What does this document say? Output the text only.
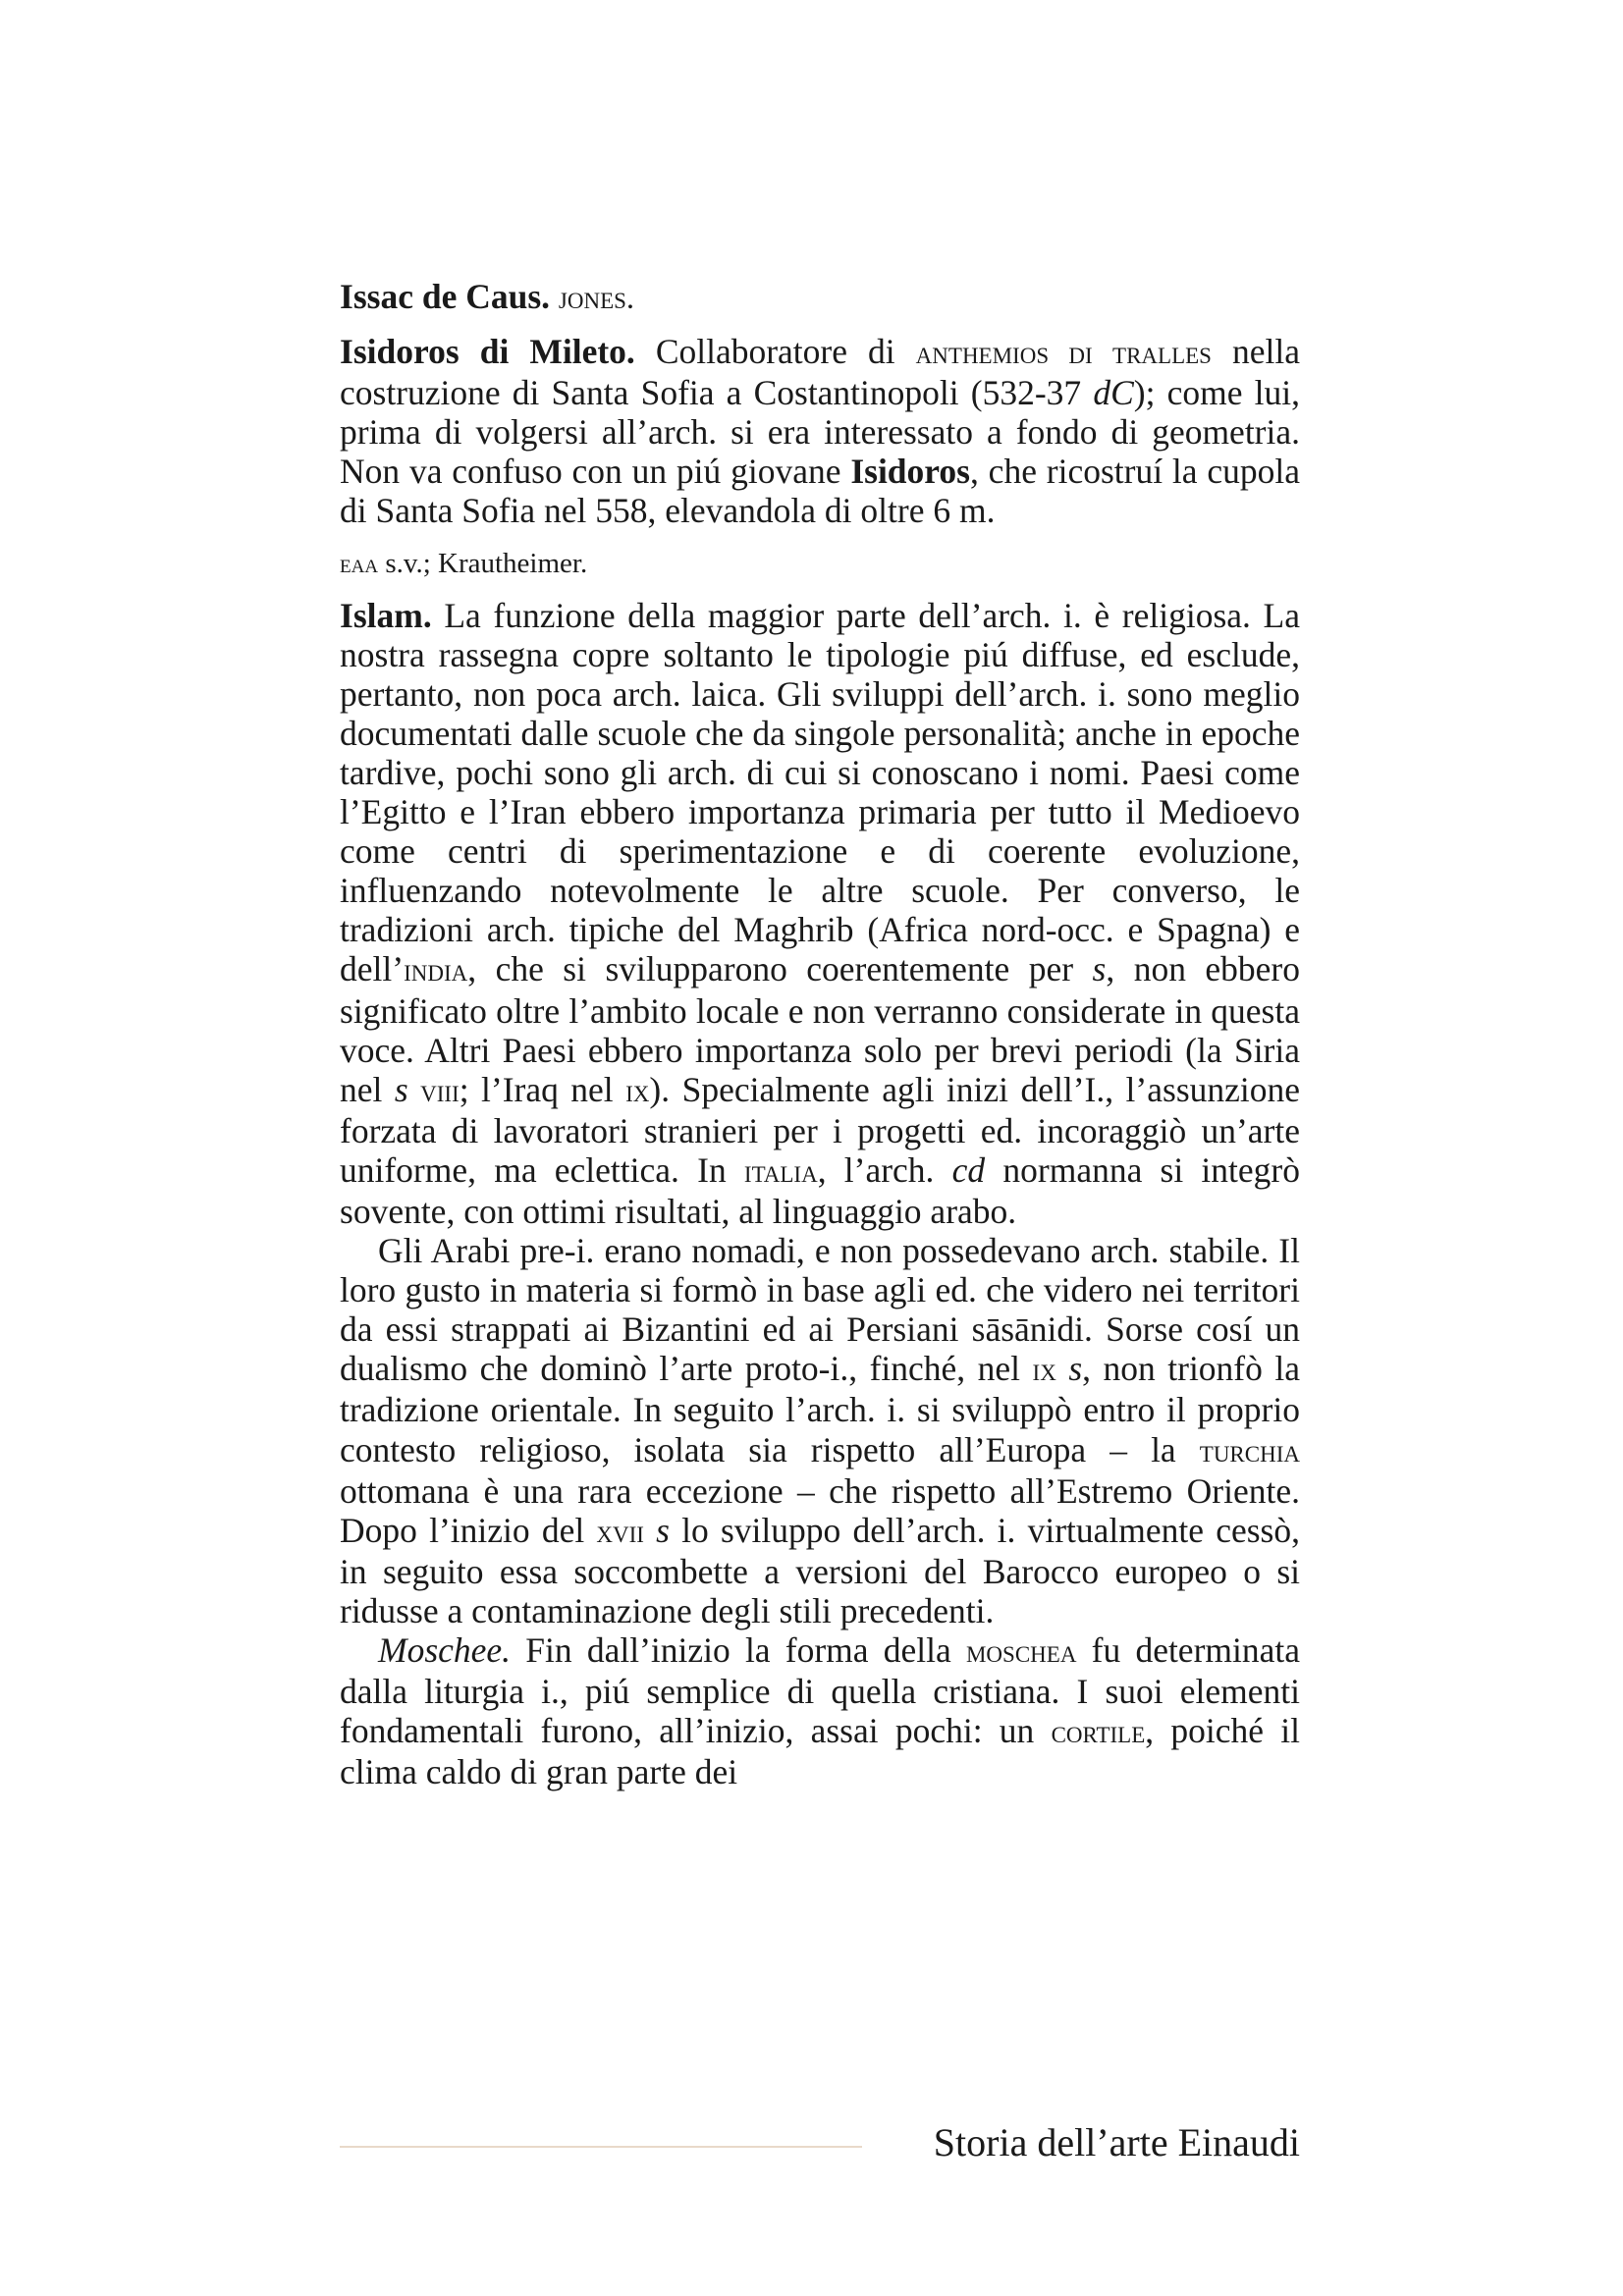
Issac de Caus. jones.

Isidoros di Mileto. Collaboratore di anthemios di tralles nella costruzione di Santa Sofia a Costantinopoli (532-37 dC); come lui, prima di volgersi all’arch. si era interessato a fondo di geometria. Non va confuso con un piú giovane Isidoros, che ricostruí la cupola di Santa Sofia nel 558, elevandola di oltre 6 m.

eaa s.v.; Krautheimer.

Islam. La funzione della maggior parte dell’arch. i. è religiosa. La nostra rassegna copre soltanto le tipologie piú diffuse, ed esclude, pertanto, non poca arch. laica. Gli sviluppi dell’arch. i. sono meglio documentati dalle scuole che da singole personalità; anche in epoche tardive, pochi sono gli arch. di cui si conoscano i nomi. Paesi come l’Egitto e l’Iran ebbero importanza primaria per tutto il Medioevo come centri di sperimentazione e di coerente evoluzione, influenzando notevolmente le altre scuole. Per converso, le tradizioni arch. tipiche del Maghrib (Africa nord-occ. e Spagna) e dell’india, che si svilupparono coerentemente per s, non ebbero significato oltre l’ambito locale e non verranno considerate in questa voce. Altri Paesi ebbero importanza solo per brevi periodi (la Siria nel s viii; l’Iraq nel ix). Specialmente agli inizi dell’I., l’assunzione forzata di lavoratori stranieri per i progetti ed. incoraggiò un’arte uniforme, ma eclettica. In italia, l’arch. cd normanna si integrò sovente, con ottimi risultati, al linguaggio arabo.

Gli Arabi pre-i. erano nomadi, e non possedevano arch. stabile. Il loro gusto in materia si formò in base agli ed. che videro nei territori da essi strappati ai Bizantini ed ai Persiani sāsānidi. Sorse cosí un dualismo che dominò l’arte proto-i., finché, nel ix s, non trionfò la tradizione orientale. In seguito l’arch. i. si sviluppò entro il proprio contesto religioso, isolata sia rispetto all’Europa – la turchia ottomana è una rara eccezione – che rispetto all’Estremo Oriente. Dopo l’inizio del xvii s lo sviluppo dell’arch. i. virtualmente cessò, in seguito essa soccombette a versioni del Barocco europeo o si ridusse a contaminazione degli stili precedenti.

Moschee. Fin dall’inizio la forma della moschea fu determinata dalla liturgia i., piú semplice di quella cristiana. I suoi elementi fondamentali furono, all’inizio, assai pochi: un cortile, poiché il clima caldo di gran parte dei

Storia dell’arte Einaudi
